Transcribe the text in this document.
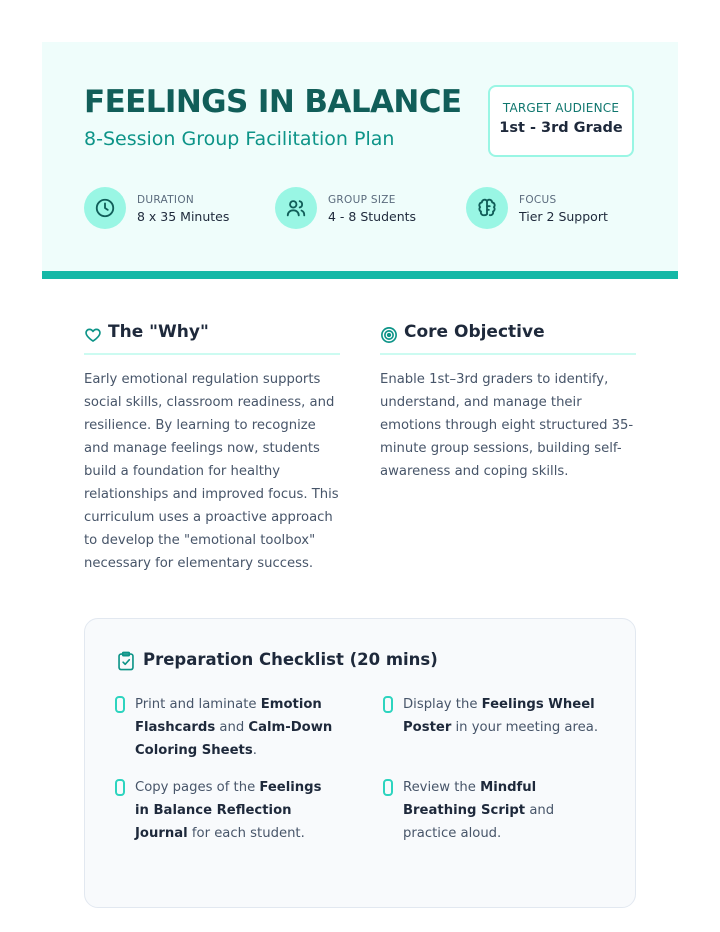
FEELINGS IN BALANCE
8-Session Group Facilitation Plan
TARGET AUDIENCE
1st - 3rd Grade
DURATION
8 x 35 Minutes
GROUP SIZE
4 - 8 Students
FOCUS
Tier 2 Support
The "Why"
Early emotional regulation supports social skills, classroom readiness, and resilience. By learning to recognize and manage feelings now, students build a foundation for healthy relationships and improved focus. This curriculum uses a proactive approach to develop the "emotional toolbox" necessary for elementary success.
Core Objective
Enable 1st–3rd graders to identify, understand, and manage their emotions through eight structured 35-minute group sessions, building self-awareness and coping skills.
Preparation Checklist (20 mins)
Print and laminate Emotion Flashcards and Calm-Down Coloring Sheets.
Display the Feelings Wheel Poster in your meeting area.
Copy pages of the Feelings in Balance Reflection Journal for each student.
Review the Mindful Breathing Script and practice aloud.
